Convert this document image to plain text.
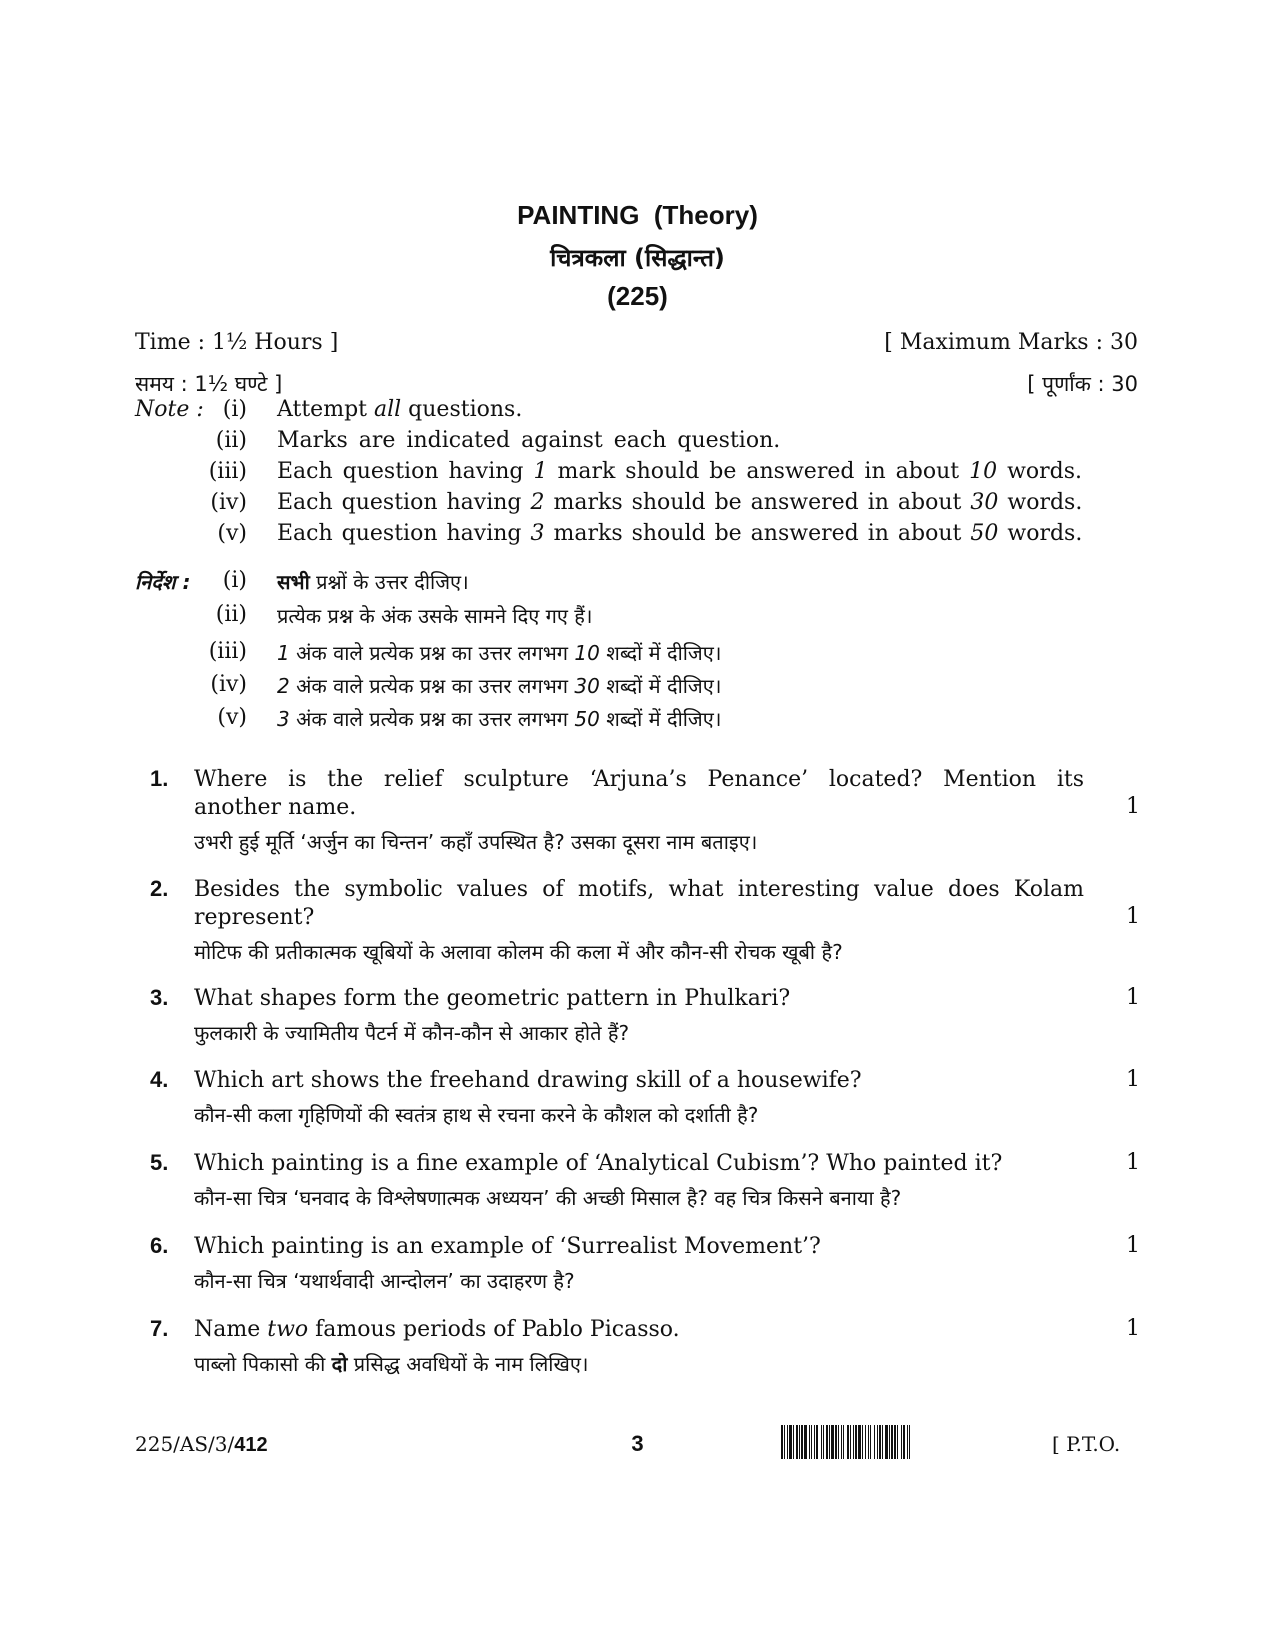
PAINTING (Theory)
चित्रकला (सिद्धान्त)
(225)
Time : 1½ Hours ]	[ Maximum Marks : 30
समय : 1½ घण्टे ]	[ पूर्णांक : 30
Note : (i) Attempt all questions.
(ii) Marks are indicated against each question.
(iii) Each question having 1 mark should be answered in about 10 words.
(iv) Each question having 2 marks should be answered in about 30 words.
(v) Each question having 3 marks should be answered in about 50 words.
निर्देश :	(i) सभी प्रश्नों के उत्तर दीजिए।
(ii) प्रत्येक प्रश्न के अंक उसके सामने दिए गए हैं।
(iii) 1 अंक वाले प्रत्येक प्रश्न का उत्तर लगभग 10 शब्दों में दीजिए।
(iv) 2 अंक वाले प्रत्येक प्रश्न का उत्तर लगभग 30 शब्दों में दीजिए।
(v) 3 अंक वाले प्रत्येक प्रश्न का उत्तर लगभग 50 शब्दों में दीजिए।
1. Where is the relief sculpture ‘Arjuna’s Penance’ located? Mention its
another name.
उभरी हुई मूर्ति ‘अर्जुन का चिन्तन’ कहाँ उपस्थित है? उसका दूसरा नाम बताइए।
1
2. Besides the symbolic values of motifs, what interesting value does Kolam
represent?
मोटिफ की प्रतीकात्मक खूबियों के अलावा कोलम की कला में और कौन-सी रोचक खूबी है?
1
3. What shapes form the geometric pattern in Phulkari?
फुलकारी के ज्यामितीय पैटर्न में कौन-कौन से आकार होते हैं?
1
4. Which art shows the freehand drawing skill of a housewife?
कौन-सी कला गृहिणियों की स्वतंत्र हाथ से रचना करने के कौशल को दर्शाती है?
1
5. Which painting is a fine example of ‘Analytical Cubism’? Who painted it?
कौन-सा चित्र ‘घनवाद के विश्लेषणात्मक अध्ययन’ की अच्छी मिसाल है? वह चित्र किसने बनाया है?
1
6. Which painting is an example of ‘Surrealist Movement’?
कौन-सा चित्र ‘यथार्थवादी आन्दोलन’ का उदाहरण है?
1
7. Name two famous periods of Pablo Picasso.
पाब्लो पिकासो की दो प्रसिद्ध अवधियों के नाम लिखिए।
1
225/AS/3/412	3	[ P.T.O.
